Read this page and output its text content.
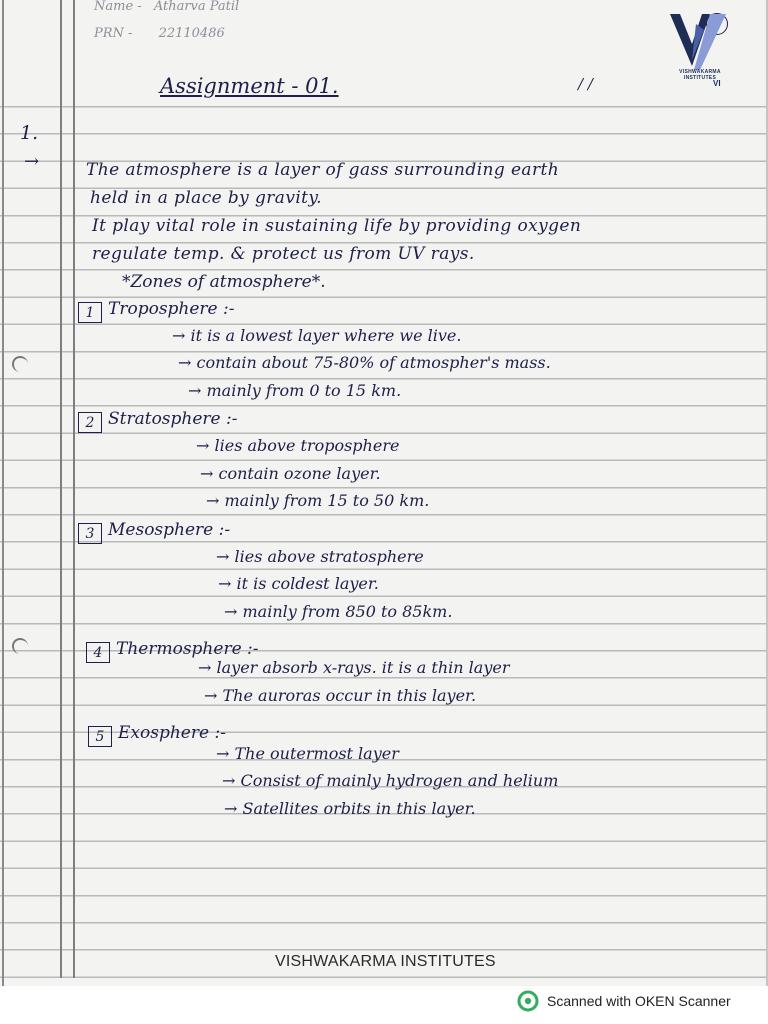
Name - Atharva Patil
PRN - 22110486
VISHWAKARMA INSTITUTES
VI
Assignment - 01.	/ /
1.
→	The atmosphere is a layer of gass surrounding earth
held in a place by gravity.
It play vital role in sustaining life by providing oxygen
regulate temp. & protect us from UV rays.
*Zones of atmosphere*.
1 Troposphere :-
→ it is a lowest layer where we live.
→ contain about 75-80% of atmospher's mass.
→ mainly from 0 to 15 km.
2 Stratosphere :-
→ lies above troposphere
→ contain ozone layer.
→ mainly from 15 to 50 km.
3 Mesosphere :-
→ lies above stratosphere
→ it is coldest layer.
→ mainly from 850 to 85km.
4 Thermosphere :-
→ layer absorb x-rays. it is a thin layer
→ The auroras occur in this layer.
5 Exosphere :-
→ The outermost layer
→ Consist of mainly hydrogen and helium
→ Satellites orbits in this layer.
VISHWAKARMA INSTITUTES
Scanned with OKEN Scanner
